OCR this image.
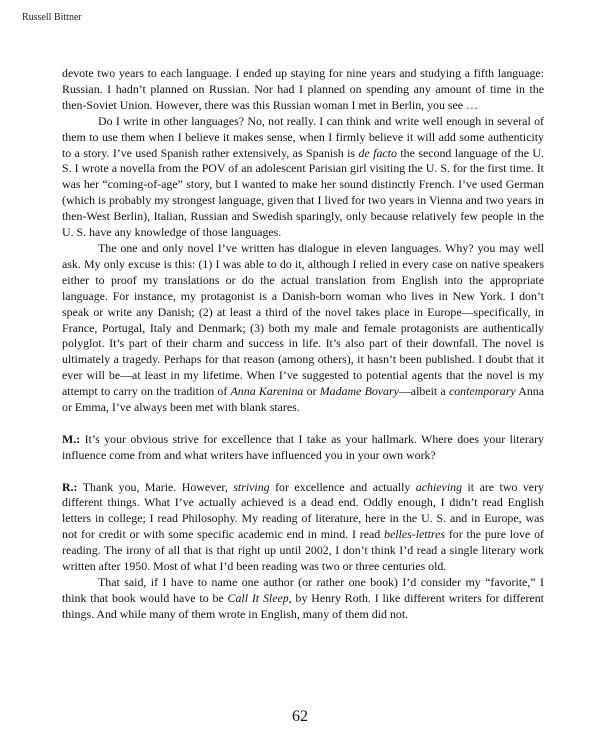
Russell Bittner

devote two years to each language. I ended up staying for nine years and studying a fifth language: Russian. I hadn’t planned on Russian. Nor had I planned on spending any amount of time in the then-Soviet Union. However, there was this Russian woman I met in Berlin, you see …

Do I write in other languages? No, not really. I can think and write well enough in several of them to use them when I believe it makes sense, when I firmly believe it will add some authenticity to a story. I’ve used Spanish rather extensively, as Spanish is de facto the second language of the U. S. I wrote a novella from the POV of an adolescent Parisian girl visiting the U. S. for the first time. It was her “coming-of-age” story, but I wanted to make her sound distinctly French. I’ve used German (which is probably my strongest language, given that I lived for two years in Vienna and two years in then-West Berlin), Italian, Russian and Swedish sparingly, only because relatively few people in the U. S. have any knowledge of those languages.

The one and only novel I’ve written has dialogue in eleven languages. Why? you may well ask. My only excuse is this: (1) I was able to do it, although I relied in every case on native speakers either to proof my translations or do the actual translation from English into the appropriate language. For instance, my protagonist is a Danish-born woman who lives in New York. I don’t speak or write any Danish; (2) at least a third of the novel takes place in Europe—specifically, in France, Portugal, Italy and Denmark; (3) both my male and female protagonists are authentically polyglot. It’s part of their charm and success in life. It’s also part of their downfall. The novel is ultimately a tragedy. Perhaps for that reason (among others), it hasn’t been published. I doubt that it ever will be—at least in my lifetime. When I’ve suggested to potential agents that the novel is my attempt to carry on the tradition of Anna Karenina or Madame Bovary—albeit a contemporary Anna or Emma, I’ve always been met with blank stares.

M.: It’s your obvious strive for excellence that I take as your hallmark. Where does your literary influence come from and what writers have influenced you in your own work?

R.: Thank you, Marie. However, striving for excellence and actually achieving it are two very different things. What I’ve actually achieved is a dead end. Oddly enough, I didn’t read English letters in college; I read Philosophy. My reading of literature, here in the U. S. and in Europe, was not for credit or with some specific academic end in mind. I read belles-lettres for the pure love of reading. The irony of all that is that right up until 2002, I don’t think I’d read a single literary work written after 1950. Most of what I’d been reading was two or three centuries old.

That said, if I have to name one author (or rather one book) I’d consider my “favorite,” I think that book would have to be Call It Sleep, by Henry Roth. I like different writers for different things. And while many of them wrote in English, many of them did not.

62
